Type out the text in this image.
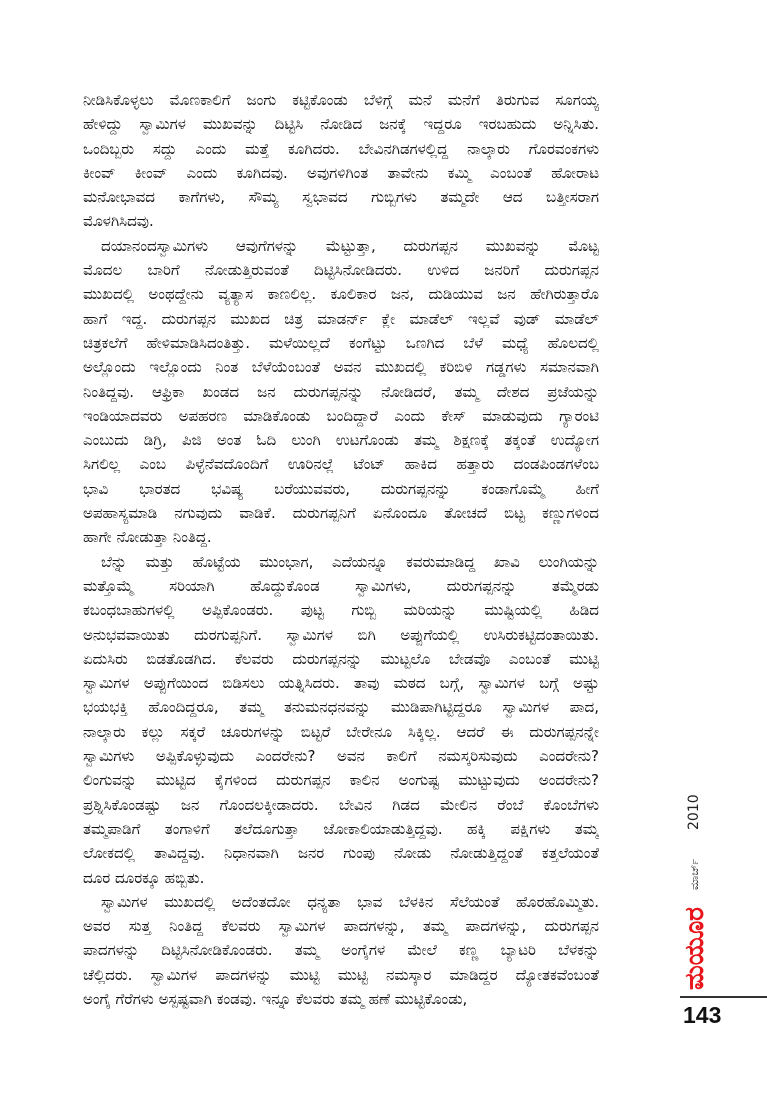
ನೀಡಿಸಿಕೊಳ್ಳಲು ಮೊಣಕಾಲಿಗೆ ಜಂಗು ಕಟ್ಟಿಕೊಂಡು ಬೆಳಿಗ್ಗೆ ಮನೆ ಮನೆಗೆ ತಿರುಗುವ ಸೂಗಯ್ಯ
ಹೇಳಿದ್ದು ಸ್ವಾಮಿಗಳ ಮುಖವನ್ನು ದಿಟ್ಟಿಸಿ ನೋಡಿದ ಜನಕ್ಕೆ ಇದ್ದರೂ ಇರಬಹುದು ಅನ್ನಿಸಿತು.
ಒಂದಿಬ್ಬರು ಸದ್ದು ಎಂದು ಮತ್ತೆ ಕೂಗಿದರು. ಬೇವಿನಗಿಡಗಳಲ್ಲಿದ್ದ ನಾಲ್ಕಾರು ಗೊರವಂಕಗಳು
ಕೀಂವ್ ಕೀಂವ್ ಎಂದು ಕೂಗಿದವು. ಅವುಗಳಿಗಿಂತ ತಾವೇನು ಕಮ್ಮಿ ಎಂಬಂತೆ ಹೋರಾಟ
ಮನೋಭಾವದ ಕಾಗೆಗಳು, ಸೌಮ್ಯ ಸ್ವಭಾವದ ಗುಬ್ಬಿಗಳು ತಮ್ಮದೇ ಆದ ಬತ್ತೀಸರಾಗ
ಮೊಳಗಿಸಿದವು.
ದಯಾನಂದಸ್ವಾಮಿಗಳು ಆವುಗೆಗಳನ್ನು ಮೆಟ್ಟುತ್ತಾ, ದುರುಗಪ್ಪನ ಮುಖವನ್ನು ಮೊಟ್ಟ
ಮೊದಲ ಬಾರಿಗೆ ನೋಡುತ್ತಿರುವಂತೆ ದಿಟ್ಟಿಸಿನೋಡಿದರು. ಉಳಿದ ಜನರಿಗೆ ದುರುಗಪ್ಪನ
ಮುಖದಲ್ಲಿ ಅಂಥದ್ದೇನು ವ್ಯತ್ಯಾಸ ಕಾಣಲಿಲ್ಲ. ಕೂಲಿಕಾರ ಜನ, ದುಡಿಯುವ ಜನ ಹೇಗಿರುತ್ತಾರೊ
ಹಾಗೆ ಇದ್ದ. ದುರುಗಪ್ಪನ ಮುಖದ ಚಿತ್ರ ಮಾಡರ್ನ್ ಕ್ಲೇ ಮಾಡೆಲ್ ಇಲ್ಲವೆ ವುಡ್ ಮಾಡೆಲ್
ಚಿತ್ರಕಲೆಗೆ ಹೇಳಿಮಾಡಿಸಿದಂತಿತ್ತು. ಮಳೆಯಿಲ್ಲದೆ ಕಂಗೆಟ್ಟು ಒಣಗಿದ ಬೆಳೆ ಮಧ್ಯೆ ಹೊಲದಲ್ಲಿ
ಅಲ್ಲೊಂದು ಇಲ್ಲೊಂದು ನಿಂತ ಬೆಳೆಯೆಂಬಂತೆ ಅವನ ಮುಖದಲ್ಲಿ ಕರಿಬಿಳಿ ಗಡ್ಡಗಳು ಸಮಾನವಾಗಿ
ನಿಂತಿದ್ದವು. ಆಫ್ರಿಕಾ ಖಂಡದ ಜನ ದುರುಗಪ್ಪನನ್ನು ನೋಡಿದರೆ, ತಮ್ಮ ದೇಶದ ಪ್ರಜೆಯನ್ನು
ಇಂಡಿಯಾದವರು ಅಪಹರಣ ಮಾಡಿಕೊಂಡು ಬಂದಿದ್ದಾರೆ ಎಂದು ಕೇಸ್ ಮಾಡುವುದು ಗ್ಯಾರಂಟಿ
ಎಂಬುದು ಡಿಗ್ರಿ, ಪಿಜಿ ಅಂತ ಓದಿ ಲುಂಗಿ ಉಟಗೊಂಡು ತಮ್ಮ ಶಿಕ್ಷಣಕ್ಕೆ ತಕ್ಕಂತೆ ಉದ್ಯೋಗ
ಸಿಗಲಿಲ್ಲ ಎಂಬ ಪಿಳ್ಳೆನೆವದೊಂದಿಗೆ ಊರಿನಲ್ಲೆ ಟೆಂಟ್ ಹಾಕಿದ ಹತ್ತಾರು ದಂಡಪಿಂಡಗಳೆಂಬ
ಭಾವಿ ಭಾರತದ ಭವಿಷ್ಯ ಬರೆಯುವವರು, ದುರುಗಪ್ಪನನ್ನು ಕಂಡಾಗೊಮ್ಮೆ ಹೀಗೆ
ಅಪಹಾಸ್ಯಮಾಡಿ ನಗುವುದು ವಾಡಿಕೆ. ದುರುಗಪ್ಪನಿಗೆ ಏನೊಂದೂ ತೋಚದೆ ಬಿಟ್ಟ ಕಣ್ಣುಗಳಿಂದ
ಹಾಗೇ ನೋಡುತ್ತಾ ನಿಂತಿದ್ದ.
ಬೆನ್ನು ಮತ್ತು ಹೊಟ್ಟೆಯ ಮುಂಭಾಗ, ಎದೆಯನ್ನೂ ಕವರುಮಾಡಿದ್ದ ಖಾವಿ ಲುಂಗಿಯನ್ನು
ಮತ್ತೊಮ್ಮೆ ಸರಿಯಾಗಿ ಹೊದ್ದುಕೊಂಡ ಸ್ವಾಮಿಗಳು, ದುರುಗಪ್ಪನನ್ನು ತಮ್ಮೆರಡು
ಕಬಂಧಬಾಹುಗಳಲ್ಲಿ ಅಪ್ಪಿಕೊಂಡರು. ಪುಟ್ಟ ಗುಬ್ಬಿ ಮರಿಯನ್ನು ಮುಷ್ಟಿಯಲ್ಲಿ ಹಿಡಿದ
ಅನುಭವವಾಯಿತು ದುರಗುಪ್ಪನಿಗೆ. ಸ್ವಾಮಿಗಳ ಬಿಗಿ ಅಪ್ಪುಗೆಯಲ್ಲಿ ಉಸಿರುಕಟ್ಟಿದಂತಾಯಿತು.
ಏದುಸಿರು ಬಿಡತೊಡಗಿದ. ಕೆಲವರು ದುರುಗಪ್ಪನನ್ನು ಮುಟ್ಟಲೊ ಬೇಡವೊ ಎಂಬಂತೆ ಮುಟ್ಟಿ
ಸ್ವಾಮಿಗಳ ಅಪ್ಪುಗೆಯಿಂದ ಬಿಡಿಸಲು ಯತ್ನಿಸಿದರು. ತಾವು ಮಠದ ಬಗ್ಗೆ, ಸ್ವಾಮಿಗಳ ಬಗ್ಗೆ ಅಷ್ಟು
ಭಯಭಕ್ತಿ ಹೊಂದಿದ್ದರೂ, ತಮ್ಮ ತನುಮನಧನವನ್ನು ಮುಡಿಪಾಗಿಟ್ಟಿದ್ದರೂ ಸ್ವಾಮಿಗಳ ಪಾದ,
ನಾಲ್ಕಾರು ಕಲ್ಲು ಸಕ್ಕರೆ ಚೂರುಗಳನ್ನು ಬಿಟ್ಟರೆ ಬೇರೇನೂ ಸಿಕ್ಕಿಲ್ಲ. ಆದರೆ ಈ ದುರುಗಪ್ಪನನ್ನೇ
ಸ್ವಾಮಿಗಳು ಅಪ್ಪಿಕೊಳ್ಳುವುದು ಎಂದರೇನು? ಅವನ ಕಾಲಿಗೆ ನಮಸ್ಕರಿಸುವುದು ಎಂದರೇನು?
ಲಿಂಗುವನ್ನು ಮುಟ್ಟಿದ ಕೈಗಳಿಂದ ದುರುಗಪ್ಪನ ಕಾಲಿನ ಅಂಗುಷ್ಟ ಮುಟ್ಟುವುದು ಅಂದರೇನು?
ಪ್ರಶ್ನಿಸಿಕೊಂಡಷ್ಟು ಜನ ಗೊಂದಲಕ್ಕೀಡಾದರು. ಬೇವಿನ ಗಿಡದ ಮೇಲಿನ ರೆಂಬೆ ಕೊಂಬೆಗಳು
ತಮ್ಮಪಾಡಿಗೆ ತಂಗಾಳಿಗೆ ತಲೆದೂಗುತ್ತಾ ಜೋಕಾಲಿಯಾಡುತ್ತಿದ್ದವು. ಹಕ್ಕಿ ಪಕ್ಷಿಗಳು ತಮ್ಮ
ಲೋಕದಲ್ಲಿ ತಾವಿದ್ದವು. ನಿಧಾನವಾಗಿ ಜನರ ಗುಂಪು ನೋಡು ನೋಡುತ್ತಿದ್ದಂತೆ ಕತ್ತಲೆಯಂತೆ
ದೂರ ದೂರಕ್ಕೂ ಹಬ್ಬಿತು.
ಸ್ವಾಮಿಗಳ ಮುಖದಲ್ಲಿ ಅದೆಂತದೋ ಧನ್ಯತಾ ಭಾವ ಬೆಳಕಿನ ಸೆಲೆಯಂತೆ ಹೊರಹೊಮ್ಮಿತು.
ಅವರ ಸುತ್ತ ನಿಂತಿದ್ದ ಕೆಲವರು ಸ್ವಾಮಿಗಳ ಪಾದಗಳನ್ನು, ತಮ್ಮ ಪಾದಗಳನ್ನು, ದುರುಗಪ್ಪನ
ಪಾದಗಳನ್ನು ದಿಟ್ಟಿಸಿನೋಡಿಕೊಂಡರು. ತಮ್ಮ ಅಂಗೈಗಳ ಮೇಲೆ ಕಣ್ಣ ಬ್ಯಾಟರಿ ಬೆಳಕನ್ನು
ಚೆಲ್ಲಿದರು. ಸ್ವಾಮಿಗಳ ಪಾದಗಳನ್ನು ಮುಟ್ಟಿ ಮುಟ್ಟಿ ನಮಸ್ಕಾರ ಮಾಡಿದ್ದರ ದ್ಯೋತಕವೆಂಬಂತೆ
ಅಂಗೈ ಗೆರೆಗಳು ಅಸ್ಪಷ್ಟವಾಗಿ ಕಂಡವು. ಇನ್ನೂ ಕೆಲವರು ತಮ್ಮ ಹಣೆ ಮುಟ್ಟಿಕೊಂಡು,
2010
ಮಾರ್ಚ್
ಮಯೂರ
143
